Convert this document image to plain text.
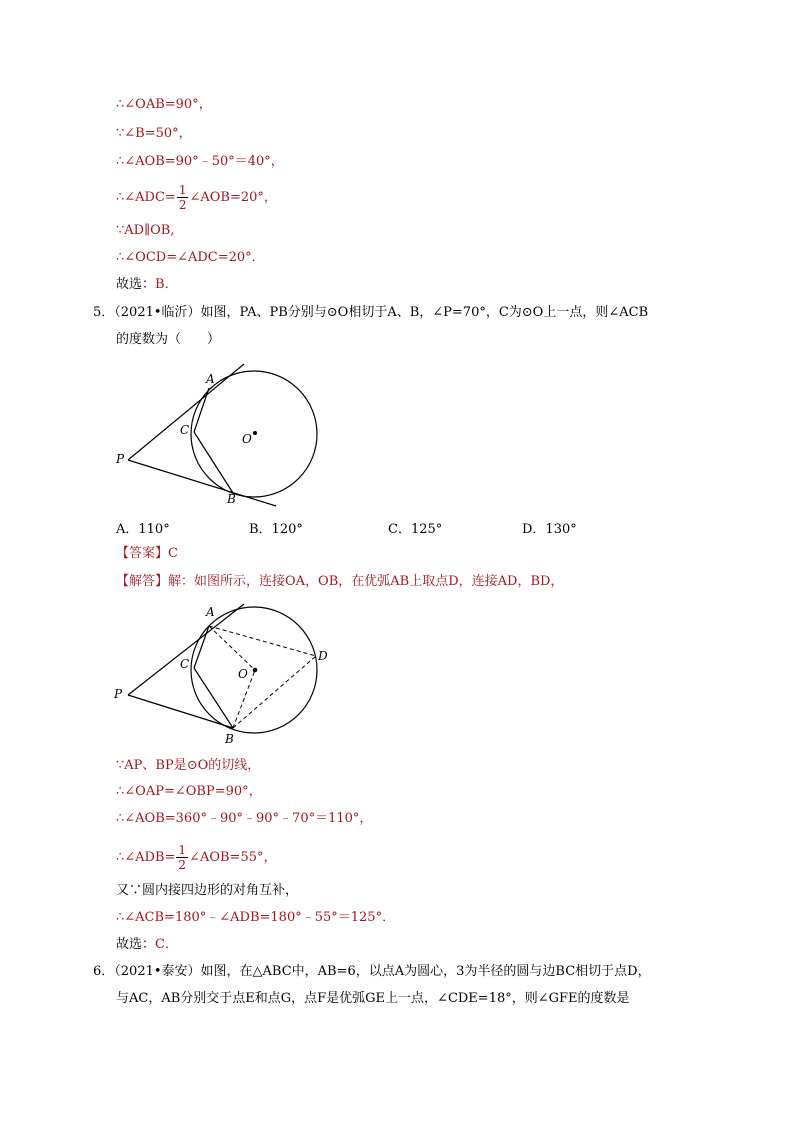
∴∠OAB=90°，
∵∠B=50°，
∴∠AOB=90°﹣50°＝40°，
∴∠ADC= $\frac{1}{2}$ ∠AOB=20°，
∵AD∥OB,
∴∠OCD=∠ADC=20°．
故选：B．
5．（2021•临沂）如图，PA、PB分别与⊙O相切于A、B，∠P=70°，C为⊙O上一点，则∠ACB
的度数为（　　）
A
C
O
P
B
A．110°	B．120°	C．125°	D．130°
【答案】C
【解答】解：如图所示，连接OA，OB，在优弧AB上取点D，连接AD，BD，
A
C
O
D
P
B
∵AP、BP是⊙O的切线，
∴∠OAP=∠OBP=90°，
∴∠AOB=360°﹣90°﹣90°﹣70°＝110°，
∴∠ADB= $\frac{1}{2}$ ∠AOB=55°，
又∵圆内接四边形的对角互补，
∴∠ACB=180°﹣∠ADB=180°﹣55°＝125°．
故选：C．
6．（2021•泰安）如图，在△ABC中，AB=6，以点A为圆心，3为半径的圆与边BC相切于点D，
与AC，AB分别交于点E和点G，点F是优弧GE上一点，∠CDE=18°，则∠GFE的度数是
